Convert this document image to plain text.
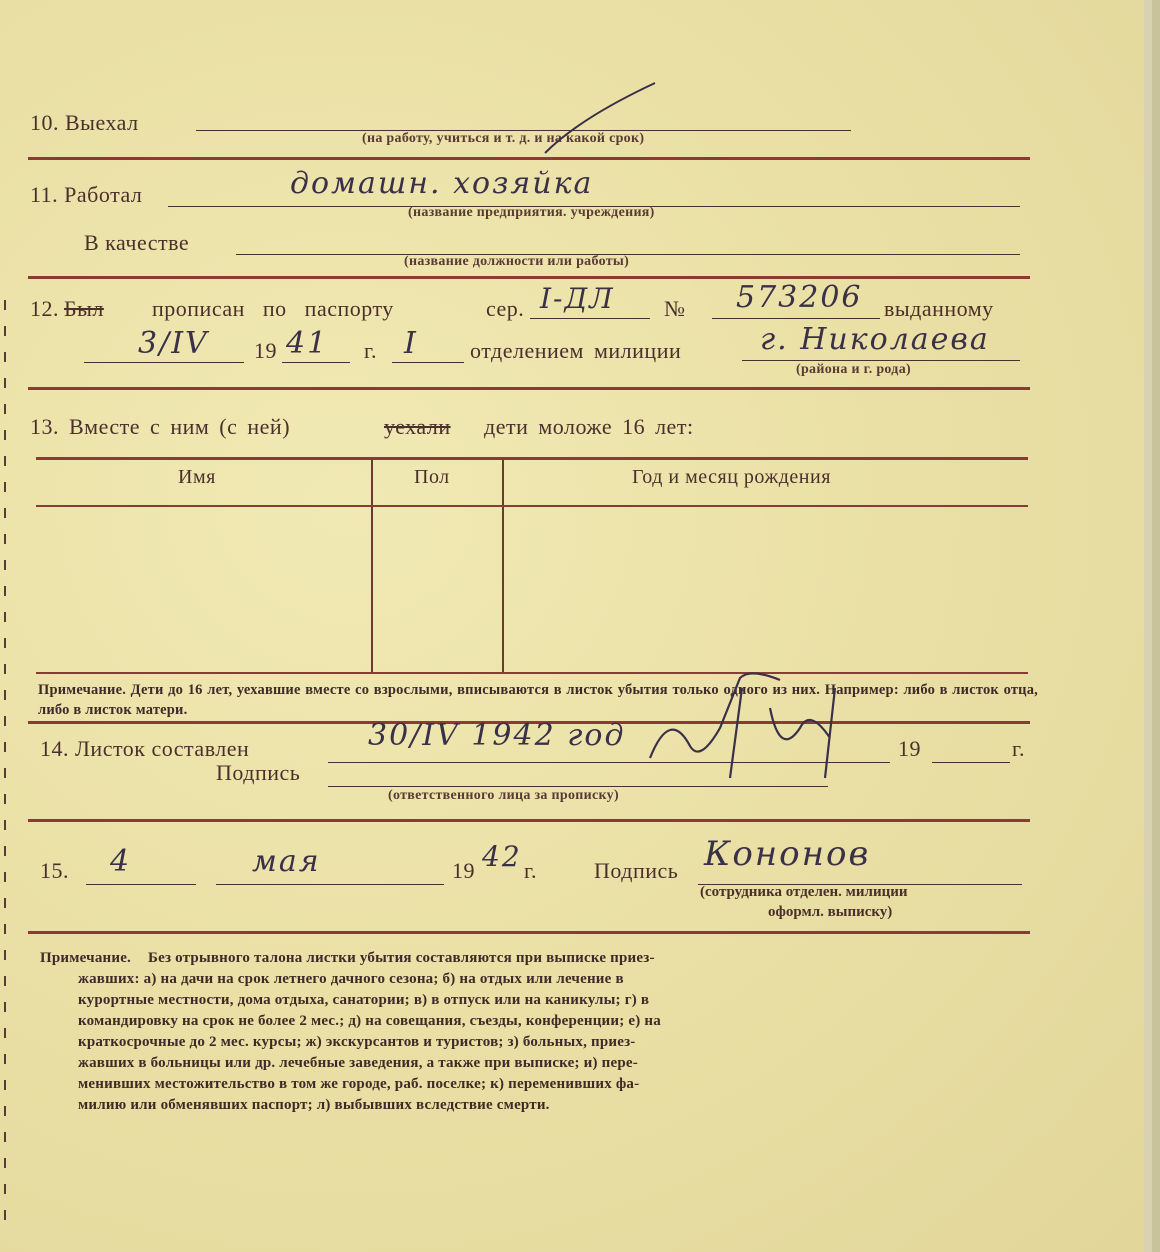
10. Выехал
(на работу, учиться и т. д. и на какой срок)
11. Работал	домашн. хозяйка
(название предприятия. учреждения)
В качестве
(название должности или работы)
12. Был прописан по паспорту	сер. I-ДЛ № 573206 выданному
3/IV 19 41 г. I отделением милиции	г. Николаева
(района и г. рода)
13. Вместе с ним (с ней)	уехали дети моложе 16 лет:
Имя	Пол	Год и месяц рождения
Примечание. Дети до 16 лет, уехавшие вместе со взрослыми, вписываются в листок убытия только одного из них. Например: либо в листок отца, либо в листок матери.
14. Листок составлен	30/IV 1942 год	19	г.
Подпись
(ответственного лица за прописку)
15. 4	мая	19 42 г.	Подпись Кононов
(сотрудника отделен. милиции
оформл. выписку)
Примечание. Без отрывного талона листки убытия составляются при выписке приез-
жавших: а) на дачи на срок летнего дачного сезона; б) на отдых или лечение в
курортные местности, дома отдыха, санатории; в) в отпуск или на каникулы; г) в
командировку на срок не более 2 мес.; д) на совещания, съезды, конференции; е) на
краткосрочные до 2 мес. курсы; ж) экскурсантов и туристов; з) больных, приез-
жавших в больницы или др. лечебные заведения, а также при выписке; и) пере-
менивших местожительство в том же городе, раб. поселке; к) переменивших фа-
милию или обменявших паспорт; л) выбывших вследствие смерти.
